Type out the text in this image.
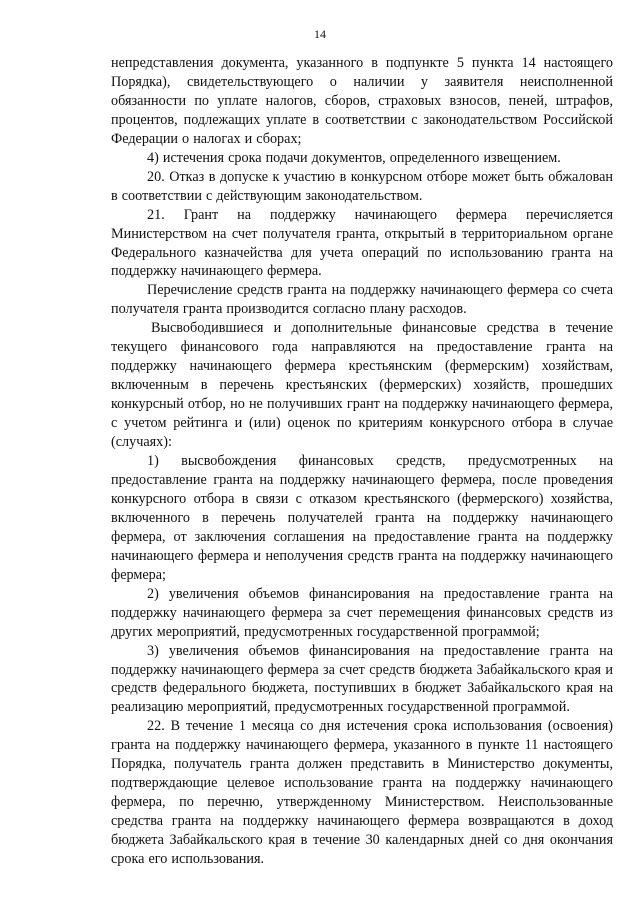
14

непредставления документа, указанного в подпункте 5 пункта 14 настоящего Порядка), свидетельствующего о наличии у заявителя неисполненной обязанности по уплате налогов, сборов, страховых взносов, пеней, штрафов, процентов, подлежащих уплате в соответствии с законодательством Российской Федерации о налогах и сборах;

4) истечения срока подачи документов, определенного извещением.

20. Отказ в допуске к участию в конкурсном отборе может быть обжалован в соответствии с действующим законодательством.

21. Грант на поддержку начинающего фермера перечисляется Министерством на счет получателя гранта, открытый в территориальном органе Федерального казначейства для учета операций по использованию гранта на поддержку начинающего фермера.

Перечисление средств гранта на поддержку начинающего фермера со счета получателя гранта производится согласно плану расходов.

Высвободившиеся и дополнительные финансовые средства в течение текущего финансового года направляются на предоставление гранта на поддержку начинающего фермера крестьянским (фермерским) хозяйствам, включенным в перечень крестьянских (фермерских) хозяйств, прошедших конкурсный отбор, но не получивших грант на поддержку начинающего фермера, с учетом рейтинга и (или) оценок по критериям конкурсного отбора в случае (случаях):

1) высвобождения финансовых средств, предусмотренных на предоставление гранта на поддержку начинающего фермера, после проведения конкурсного отбора в связи с отказом крестьянского (фермерского) хозяйства, включенного в перечень получателей гранта на поддержку начинающего фермера, от заключения соглашения на предоставление гранта на поддержку начинающего фермера и неполучения средств гранта на поддержку начинающего фермера;

2) увеличения объемов финансирования на предоставление гранта на поддержку начинающего фермера за счет перемещения финансовых средств из других мероприятий, предусмотренных государственной программой;

3) увеличения объемов финансирования на предоставление гранта на поддержку начинающего фермера за счет средств бюджета Забайкальского края и средств федерального бюджета, поступивших в бюджет Забайкальского края на реализацию мероприятий, предусмотренных государственной программой.

22. В течение 1 месяца со дня истечения срока использования (освоения) гранта на поддержку начинающего фермера, указанного в пункте 11 настоящего Порядка, получатель гранта должен представить в Министерство документы, подтверждающие целевое использование гранта на поддержку начинающего фермера, по перечню, утвержденному Министерством. Неиспользованные средства гранта на поддержку начинающего фермера возвращаются в доход бюджета Забайкальского края в течение 30 календарных дней со дня окончания срока его использования.
